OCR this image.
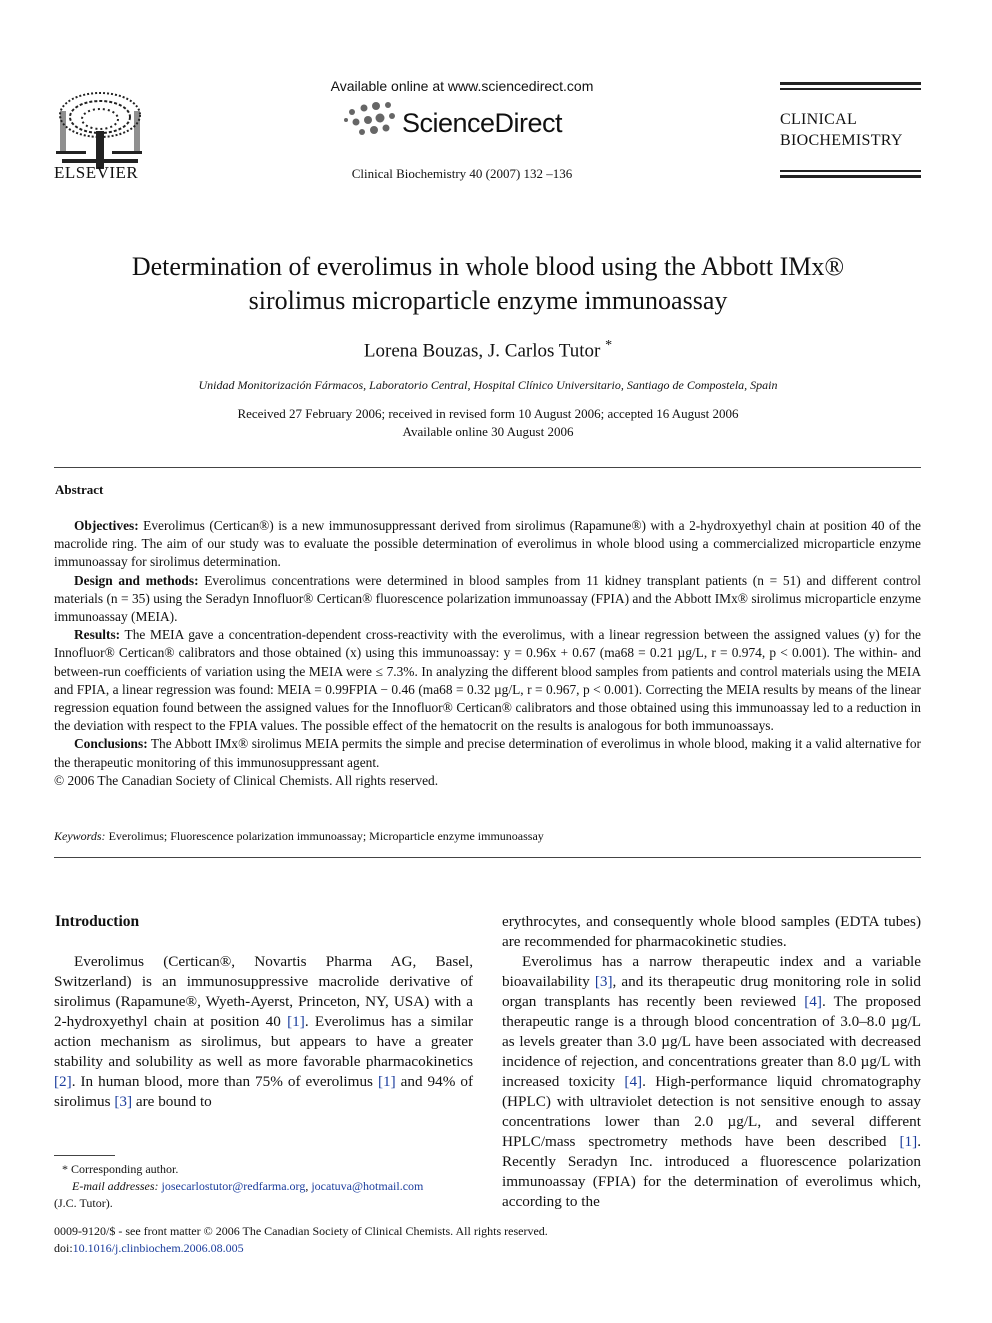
ELSEVIER
Available online at www.sciencedirect.com
ScienceDirect
Clinical Biochemistry 40 (2007) 132 –136
CLINICAL
BIOCHEMISTRY
Determination of everolimus in whole blood using the Abbott IMx®
sirolimus microparticle enzyme immunoassay
Lorena Bouzas, J. Carlos Tutor *
Unidad Monitorización Fármacos, Laboratorio Central, Hospital Clínico Universitario, Santiago de Compostela, Spain
Received 27 February 2006; received in revised form 10 August 2006; accepted 16 August 2006
Available online 30 August 2006
Abstract

Objectives: Everolimus (Certican®) is a new immunosuppressant derived from sirolimus (Rapamune®) with a 2-hydroxyethyl chain at position 40 of the macrolide ring. The aim of our study was to evaluate the possible determination of everolimus in whole blood using a commercialized microparticle enzyme immunoassay for sirolimus determination.

Design and methods: Everolimus concentrations were determined in blood samples from 11 kidney transplant patients (n = 51) and different control materials (n = 35) using the Seradyn Innofluor® Certican® fluorescence polarization immunoassay (FPIA) and the Abbott IMx® sirolimus microparticle enzyme immunoassay (MEIA).

Results: The MEIA gave a concentration-dependent cross-reactivity with the everolimus, with a linear regression between the assigned values (y) for the Innofluor® Certican® calibrators and those obtained (x) using this immunoassay: y = 0.96x + 0.67 (ma68 = 0.21 µg/L, r = 0.974, p < 0.001). The within- and between-run coefficients of variation using the MEIA were ≤ 7.3%. In analyzing the different blood samples from patients and control materials using the MEIA and FPIA, a linear regression was found: MEIA = 0.99FPIA − 0.46 (ma68 = 0.32 µg/L, r = 0.967, p < 0.001). Correcting the MEIA results by means of the linear regression equation found between the assigned values for the Innofluor® Certican® calibrators and those obtained using this immunoassay led to a reduction in the deviation with respect to the FPIA values. The possible effect of the hematocrit on the results is analogous for both immunoassays.

Conclusions: The Abbott IMx® sirolimus MEIA permits the simple and precise determination of everolimus in whole blood, making it a valid alternative for the therapeutic monitoring of this immunosuppressant agent.

© 2006 The Canadian Society of Clinical Chemists. All rights reserved.

Keywords: Everolimus; Fluorescence polarization immunoassay; Microparticle enzyme immunoassay
Introduction

Everolimus (Certican®, Novartis Pharma AG, Basel, Switzerland) is an immunosuppressive macrolide derivative of sirolimus (Rapamune®, Wyeth-Ayerst, Princeton, NY, USA) with a 2-hydroxyethyl chain at position 40 [1]. Everolimus has a similar action mechanism as sirolimus, but appears to have a greater stability and solubility as well as more favorable pharmacokinetics [2]. In human blood, more than 75% of everolimus [1] and 94% of sirolimus [3] are bound to

erythrocytes, and consequently whole blood samples (EDTA tubes) are recommended for pharmacokinetic studies.

Everolimus has a narrow therapeutic index and a variable bioavailability [3], and its therapeutic drug monitoring role in solid organ transplants has recently been reviewed [4]. The proposed therapeutic range is a through blood concentration of 3.0–8.0 µg/L as levels greater than 3.0 µg/L have been associated with decreased incidence of rejection, and concentrations greater than 8.0 µg/L with increased toxicity [4]. High-performance liquid chromatography (HPLC) with ultraviolet detection is not sensitive enough to assay concentrations lower than 2.0 µg/L, and several different HPLC/mass spectrometry methods have been described [1]. Recently Seradyn Inc. introduced a fluorescence polarization immunoassay (FPIA) for the determination of everolimus which, according to the

* Corresponding author.
E-mail addresses: josecarlostutor@redfarma.org, jocatuva@hotmail.com
(J.C. Tutor).
0009-9120/$ - see front matter © 2006 The Canadian Society of Clinical Chemists. All rights reserved.
doi:10.1016/j.clinbiochem.2006.08.005
